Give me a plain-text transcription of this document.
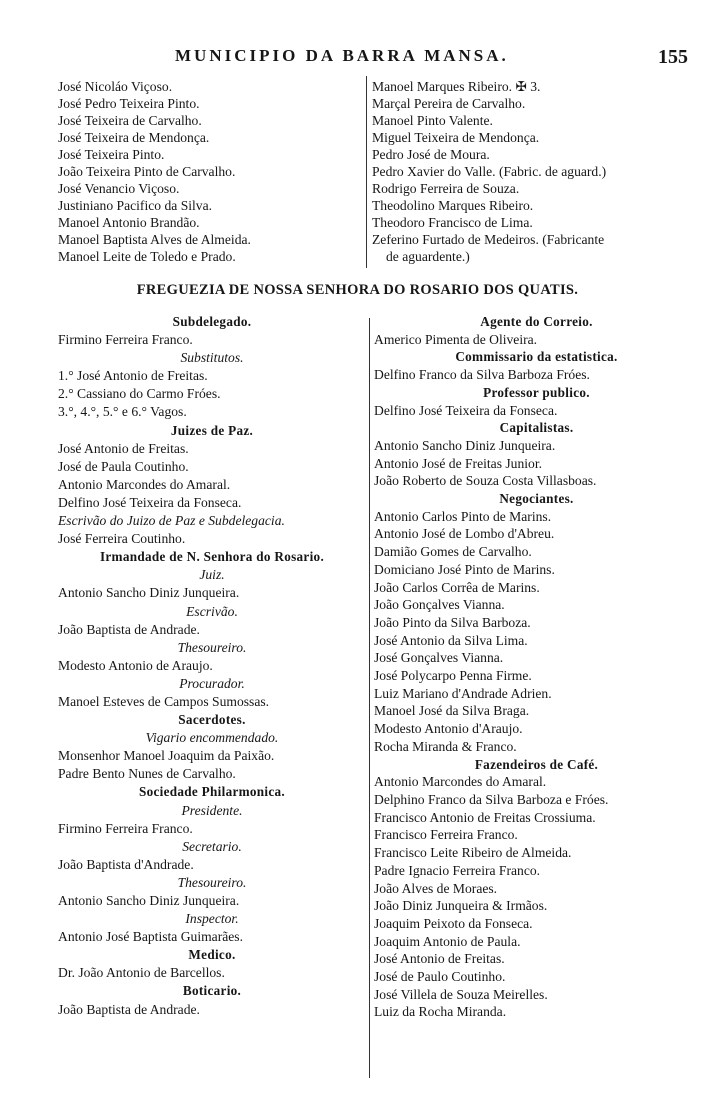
MUNICIPIO DA BARRA MANSA.	155
José Nicoláo Viçoso.
José Pedro Teixeira Pinto.
José Teixeira de Carvalho.
José Teixeira de Mendonça.
José Teixeira Pinto.
João Teixeira Pinto de Carvalho.
José Venancio Viçoso.
Justiniano Pacifico da Silva.
Manoel Antonio Brandão.
Manoel Baptista Alves de Almeida.
Manoel Leite de Toledo e Prado.
Manoel Marques Ribeiro. ✠ 3.
Marçal Pereira de Carvalho.
Manoel Pinto Valente.
Miguel Teixeira de Mendonça.
Pedro José de Moura.
Pedro Xavier do Valle. (Fabric. de aguard.)
Rodrigo Ferreira de Souza.
Theodolino Marques Ribeiro.
Theodoro Francisco de Lima.
Zeferino Furtado de Medeiros. (Fabricante
de aguardente.)
FREGUEZIA DE NOSSA SENHORA DO ROSARIO DOS QUATIS.
Subdelegado.
Firmino Ferreira Franco.
Substitutos.
1.° José Antonio de Freitas.
2.° Cassiano do Carmo Fróes.
3.°, 4.°, 5.° e 6.° Vagos.
Juizes de Paz.
José Antonio de Freitas.
José de Paula Coutinho.
Antonio Marcondes do Amaral.
Delfino José Teixeira da Fonseca.
Escrivão do Juizo de Paz e Subdelegacia.
José Ferreira Coutinho.
Irmandade de N. Senhora do Rosario.
Juiz.
Antonio Sancho Diniz Junqueira.
Escrivão.
João Baptista de Andrade.
Thesoureiro.
Modesto Antonio de Araujo.
Procurador.
Manoel Esteves de Campos Sumossas.
Sacerdotes.
Vigario encommendado.
Monsenhor Manoel Joaquim da Paixão.
Padre Bento Nunes de Carvalho.
Sociedade Philarmonica.
Presidente.
Firmino Ferreira Franco.
Secretario.
João Baptista d'Andrade.
Thesoureiro.
Antonio Sancho Diniz Junqueira.
Inspector.
Antonio José Baptista Guimarães.
Medico.
Dr. João Antonio de Barcellos.
Boticario.
João Baptista de Andrade.
Agente do Correio.
Americo Pimenta de Oliveira.
Commissario da estatistica.
Delfino Franco da Silva Barboza Fróes.
Professor publico.
Delfino José Teixeira da Fonseca.
Capitalistas.
Antonio Sancho Diniz Junqueira.
Antonio José de Freitas Junior.
João Roberto de Souza Costa Villasboas.
Negociantes.
Antonio Carlos Pinto de Marins.
Antonio José de Lombo d'Abreu.
Damião Gomes de Carvalho.
Domiciano José Pinto de Marins.
João Carlos Corrêa de Marins.
João Gonçalves Vianna.
João Pinto da Silva Barboza.
José Antonio da Silva Lima.
José Gonçalves Vianna.
José Polycarpo Penna Firme.
Luiz Mariano d'Andrade Adrien.
Manoel José da Silva Braga.
Modesto Antonio d'Araujo.
Rocha Miranda & Franco.
Fazendeiros de Café.
Antonio Marcondes do Amaral.
Delphino Franco da Silva Barboza e Fróes.
Francisco Antonio de Freitas Crossiuma.
Francisco Ferreira Franco.
Francisco Leite Ribeiro de Almeida.
Padre Ignacio Ferreira Franco.
João Alves de Moraes.
João Diniz Junqueira & Irmãos.
Joaquim Peixoto da Fonseca.
Joaquim Antonio de Paula.
José Antonio de Freitas.
José de Paulo Coutinho.
José Villela de Souza Meirelles.
Luiz da Rocha Miranda.
